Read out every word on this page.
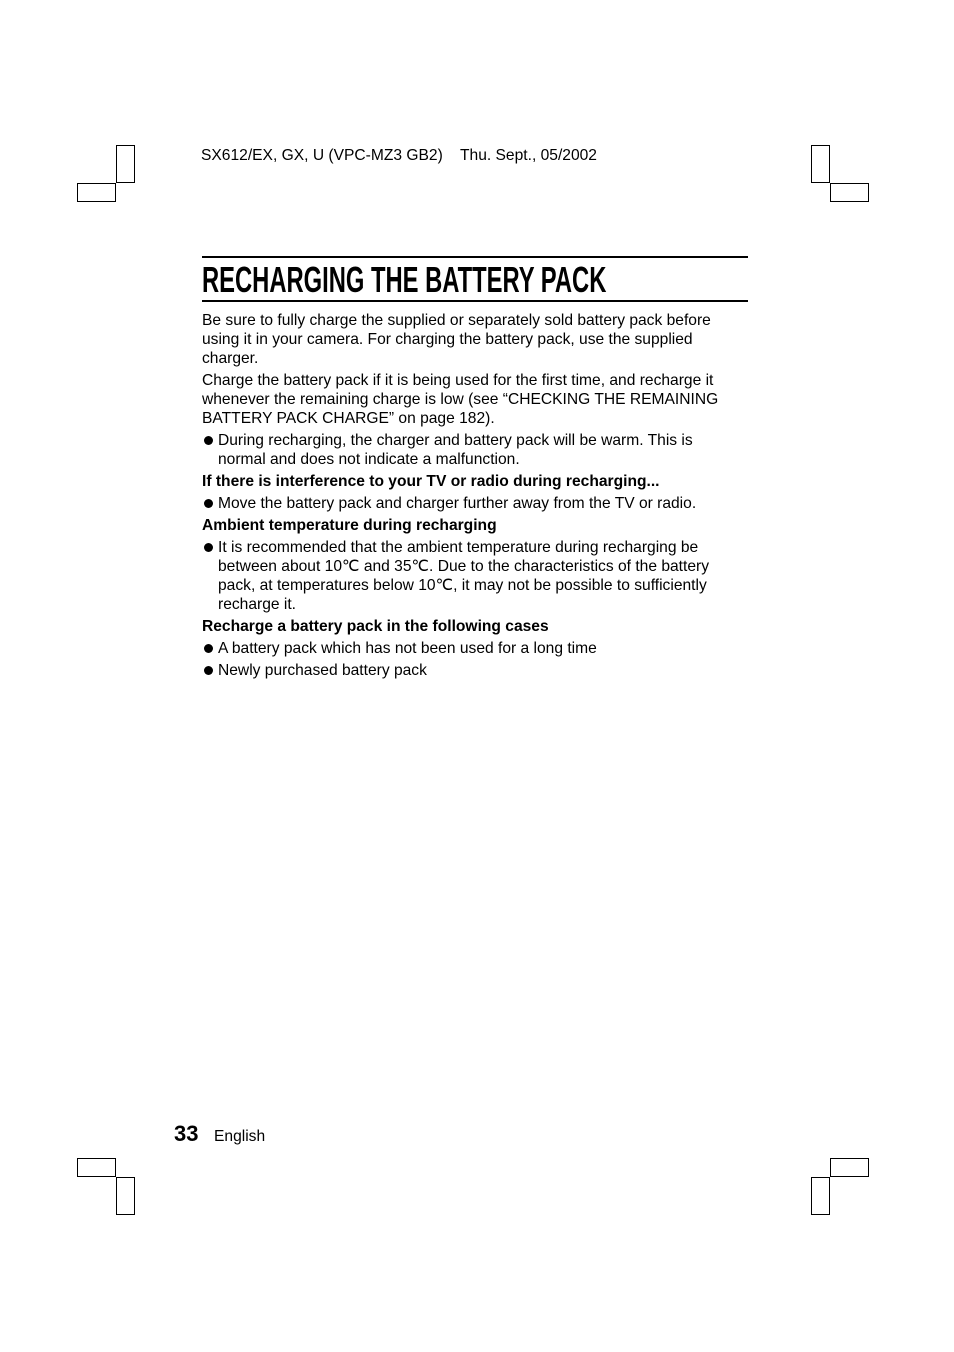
SX612/EX, GX, U (VPC-MZ3 GB2) Thu. Sept., 05/2002
RECHARGING THE BATTERY PACK
Be sure to fully charge the supplied or separately sold battery pack before
using it in your camera. For charging the battery pack, use the supplied
charger.
Charge the battery pack if it is being used for the first time, and recharge it
whenever the remaining charge is low (see “CHECKING THE REMAINING
BATTERY PACK CHARGE” on page 182).
During recharging, the charger and battery pack will be warm. This is
normal and does not indicate a malfunction.
If there is interference to your TV or radio during recharging...
Move the battery pack and charger further away from the TV or radio.
Ambient temperature during recharging
It is recommended that the ambient temperature during recharging be
between about 10℃ and 35℃. Due to the characteristics of the battery
pack, at temperatures below 10℃, it may not be possible to sufficiently
recharge it.
Recharge a battery pack in the following cases
A battery pack which has not been used for a long time
Newly purchased battery pack
33 English
